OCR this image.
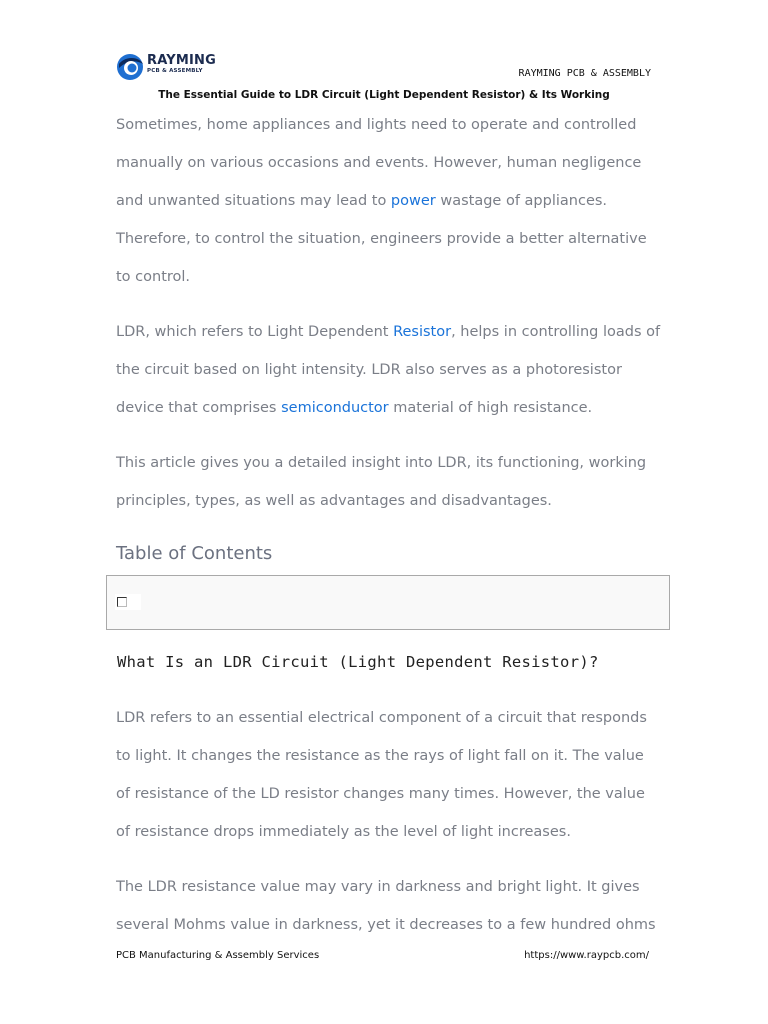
RAYMING
PCB & ASSEMBLY	RAYMING PCB & ASSEMBLY
The Essential Guide to LDR Circuit (Light Dependent Resistor) & Its Working

Sometimes, home appliances and lights need to operate and controlled manually on various occasions and events. However, human negligence and unwanted situations may lead to power wastage of appliances. Therefore, to control the situation, engineers provide a better alternative to control.

LDR, which refers to Light Dependent Resistor, helps in controlling loads of the circuit based on light intensity. LDR also serves as a photoresistor device that comprises semiconductor material of high resistance.

This article gives you a detailed insight into LDR, its functioning, working principles, types, as well as advantages and disadvantages.

Table of Contents
What Is an LDR Circuit (Light Dependent Resistor)?

LDR refers to an essential electrical component of a circuit that responds to light. It changes the resistance as the rays of light fall on it. The value of resistance of the LD resistor changes many times. However, the value of resistance drops immediately as the level of light increases.

The LDR resistance value may vary in darkness and bright light. It gives several Mohms value in darkness, yet it decreases to a few hundred ohms

PCB Manufacturing & Assembly Services	https://www.raypcb.com/
